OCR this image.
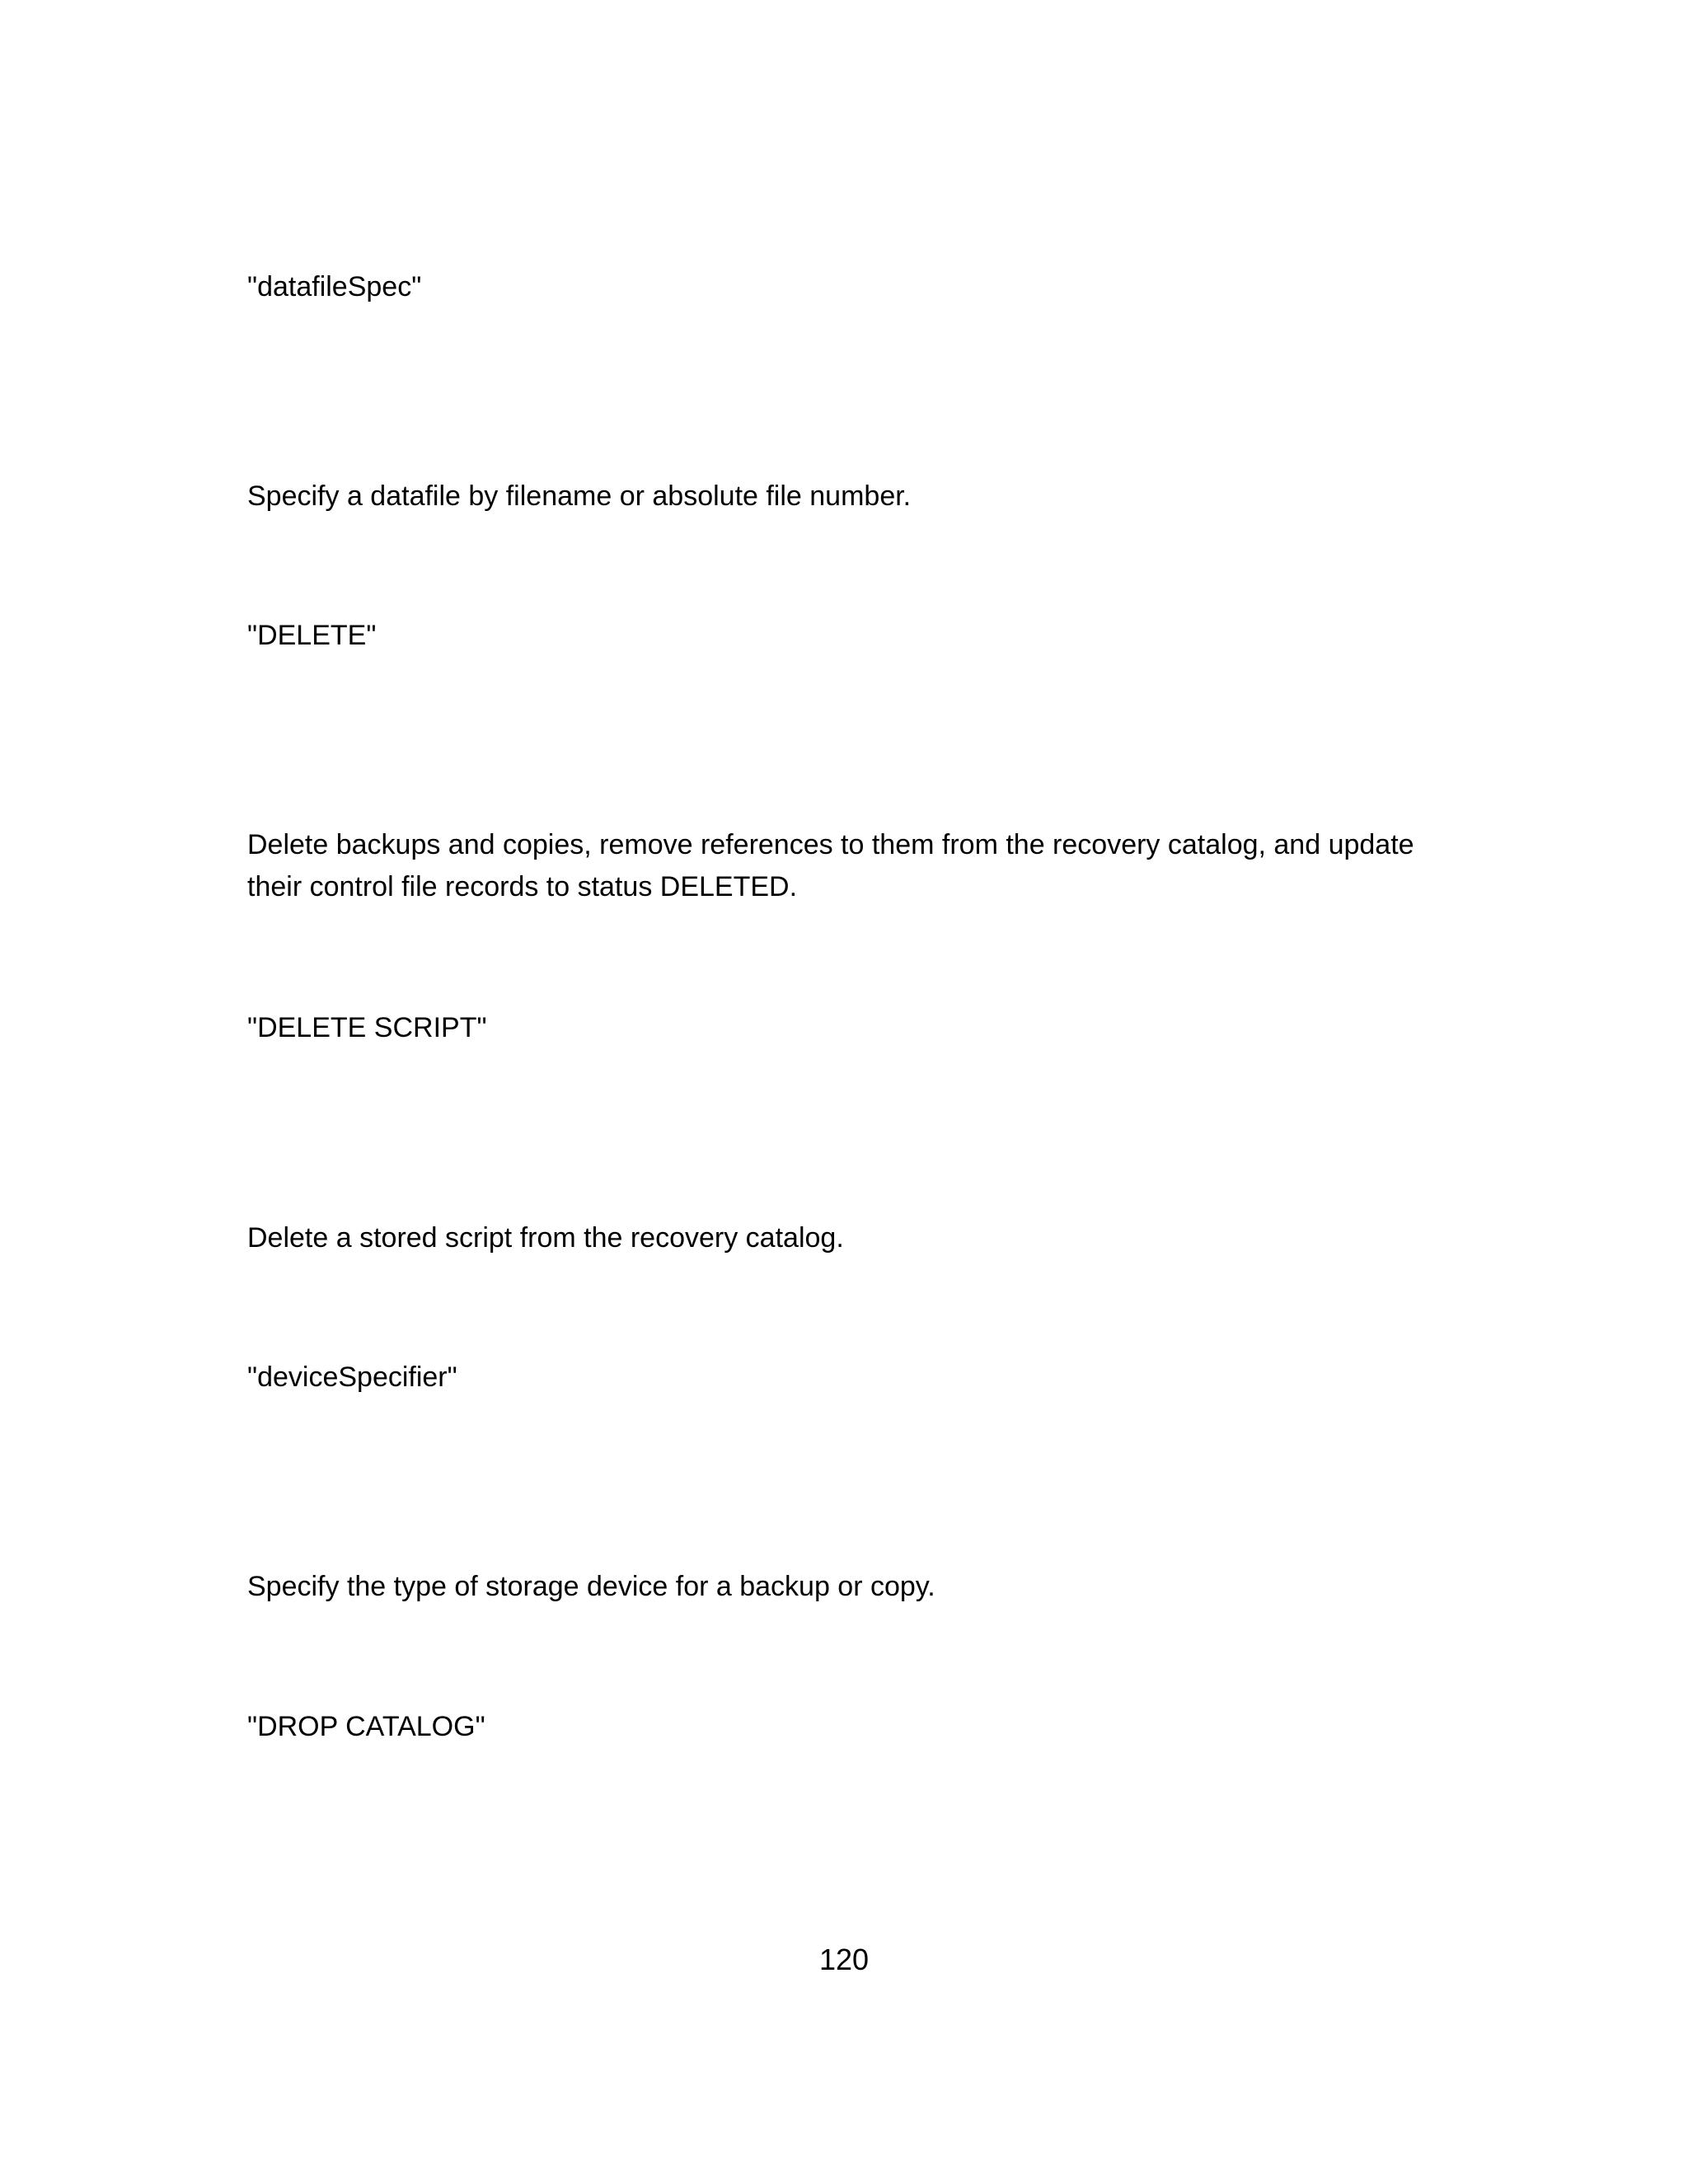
"datafileSpec"

Specify a datafile by filename or absolute file number.

"DELETE"

Delete backups and copies, remove references to them from the recovery catalog, and update their control file records to status DELETED.

"DELETE SCRIPT"

Delete a stored script from the recovery catalog.

"deviceSpecifier"

Specify the type of storage device for a backup or copy.

"DROP CATALOG"

120
